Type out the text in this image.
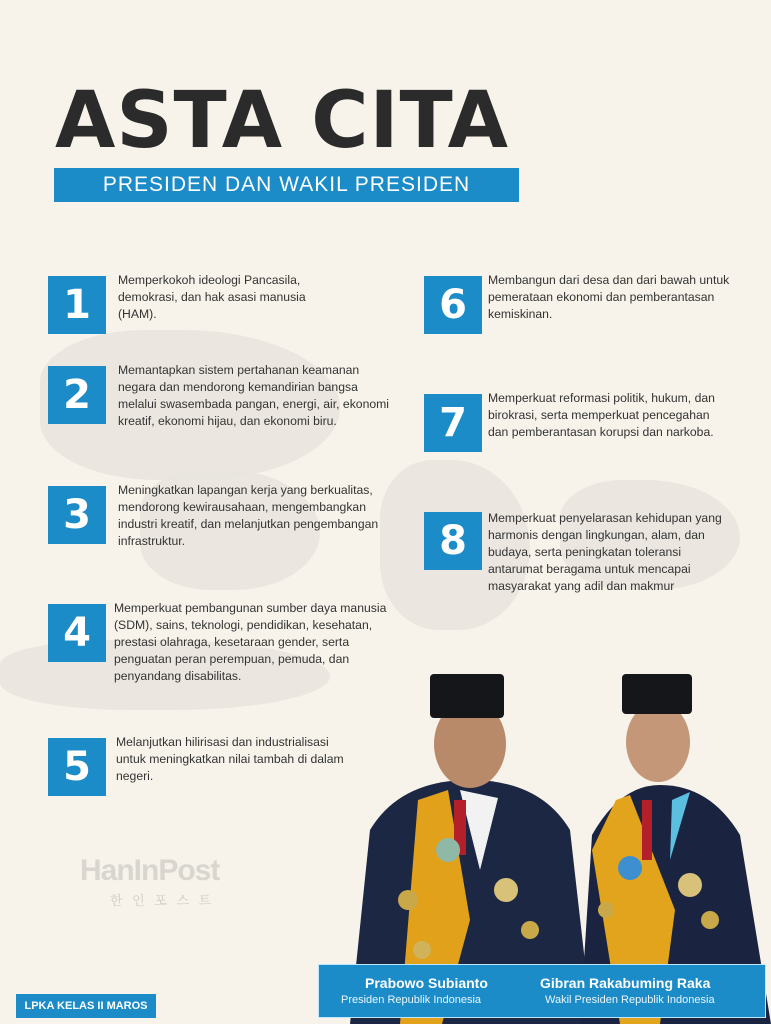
ASTA CITA
PRESIDEN DAN WAKIL PRESIDEN
1
Memperkokoh ideologi Pancasila, demokrasi, dan hak asasi manusia (HAM).
2
Memantapkan sistem pertahanan keamanan negara dan mendorong kemandirian bangsa melalui swasembada pangan, energi, air, ekonomi kreatif, ekonomi hijau, dan ekonomi biru.
3
Meningkatkan lapangan kerja yang berkualitas, mendorong kewirausahaan, mengembangkan industri kreatif, dan melanjutkan pengembangan infrastruktur.
4
Memperkuat pembangunan sumber daya manusia (SDM), sains, teknologi, pendidikan, kesehatan, prestasi olahraga, kesetaraan gender, serta penguatan peran perempuan, pemuda, dan penyandang disabilitas.
5
Melanjutkan hilirisasi dan industrialisasi untuk meningkatkan nilai tambah di dalam negeri.
6
Membangun dari desa dan dari bawah untuk pemerataan ekonomi dan pemberantasan kemiskinan.
7
Memperkuat reformasi politik, hukum, dan birokrasi, serta memperkuat pencegahan dan pemberantasan korupsi dan narkoba.
8	Memperkuat penyelarasan kehidupan yang harmonis dengan lingkungan, alam, dan budaya, serta peningkatan toleransi antarumat beragama untuk mencapai masyarakat yang adil dan makmur
HanInPost
한 인 포 스 트
Prabowo Subianto
Presiden Republik Indonesia
Gibran Rakabuming Raka
Wakil Presiden Republik Indonesia
LPKA KELAS II MAROS
